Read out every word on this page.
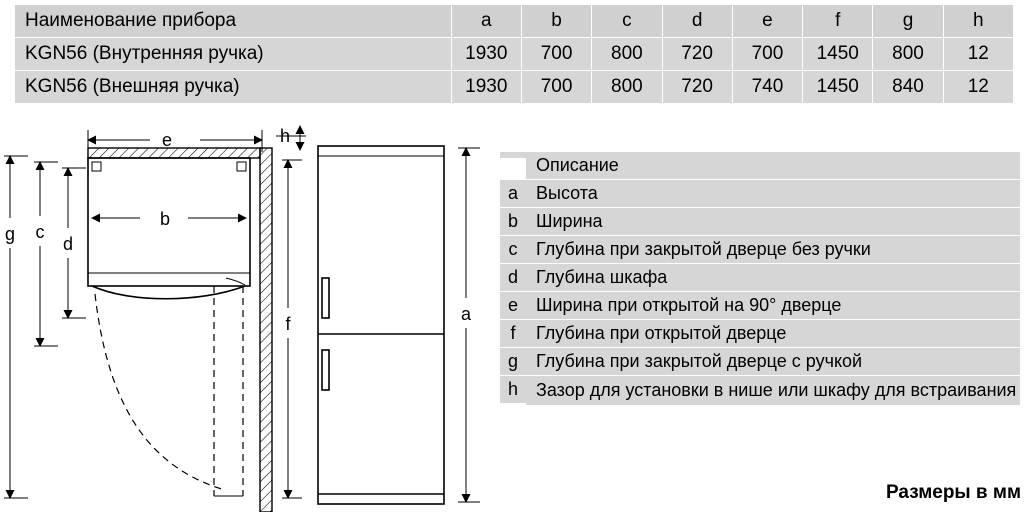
Наименование прибора	a	b	c	d	e	f	g	h
KGN56 (Внутренняя ручка)	1930	700	800	720	700	1450	800	12
KGN56 (Внешняя ручка)	1930	700	800	720	740	1450	840	12
e
b
g c
d
f
h
a
Описание
a	Высота
b	Ширина
c	Глубина при закрытой дверце без ручки
d	Глубина шкафа
e	Ширина при открытой на 90° дверце
f	Глубина при открытой дверце
g	Глубина при закрытой дверце с ручкой
h	Зазор для установки в нише или шкафу для встраивания
Размеры в мм
